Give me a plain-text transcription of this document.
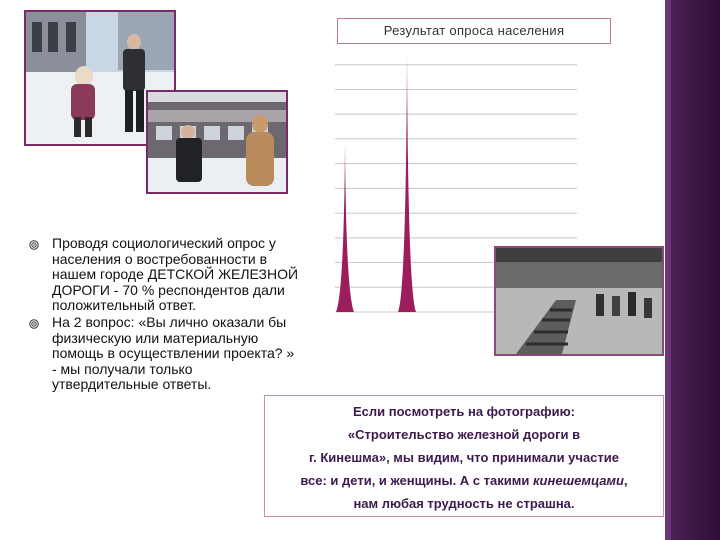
Проводя социологический опрос у населения о востребованности в нашем городе ДЕТСКОЙ ЖЕЛЕЗНОЙ ДОРОГИ - 70 % респондентов дали положительный ответ.
На 2 вопрос: «Вы лично оказали бы физическую или материальную помощь в осуществлении проекта? » - мы получали только утвердительные ответы.
Результат опроса населения
Если посмотреть на фотографию:
«Строительство железной дороги в
г. Кинешма», мы видим, что принимали участие
все: и дети, и женщины. А с такими кинешемцами,
нам любая трудность не страшна.
